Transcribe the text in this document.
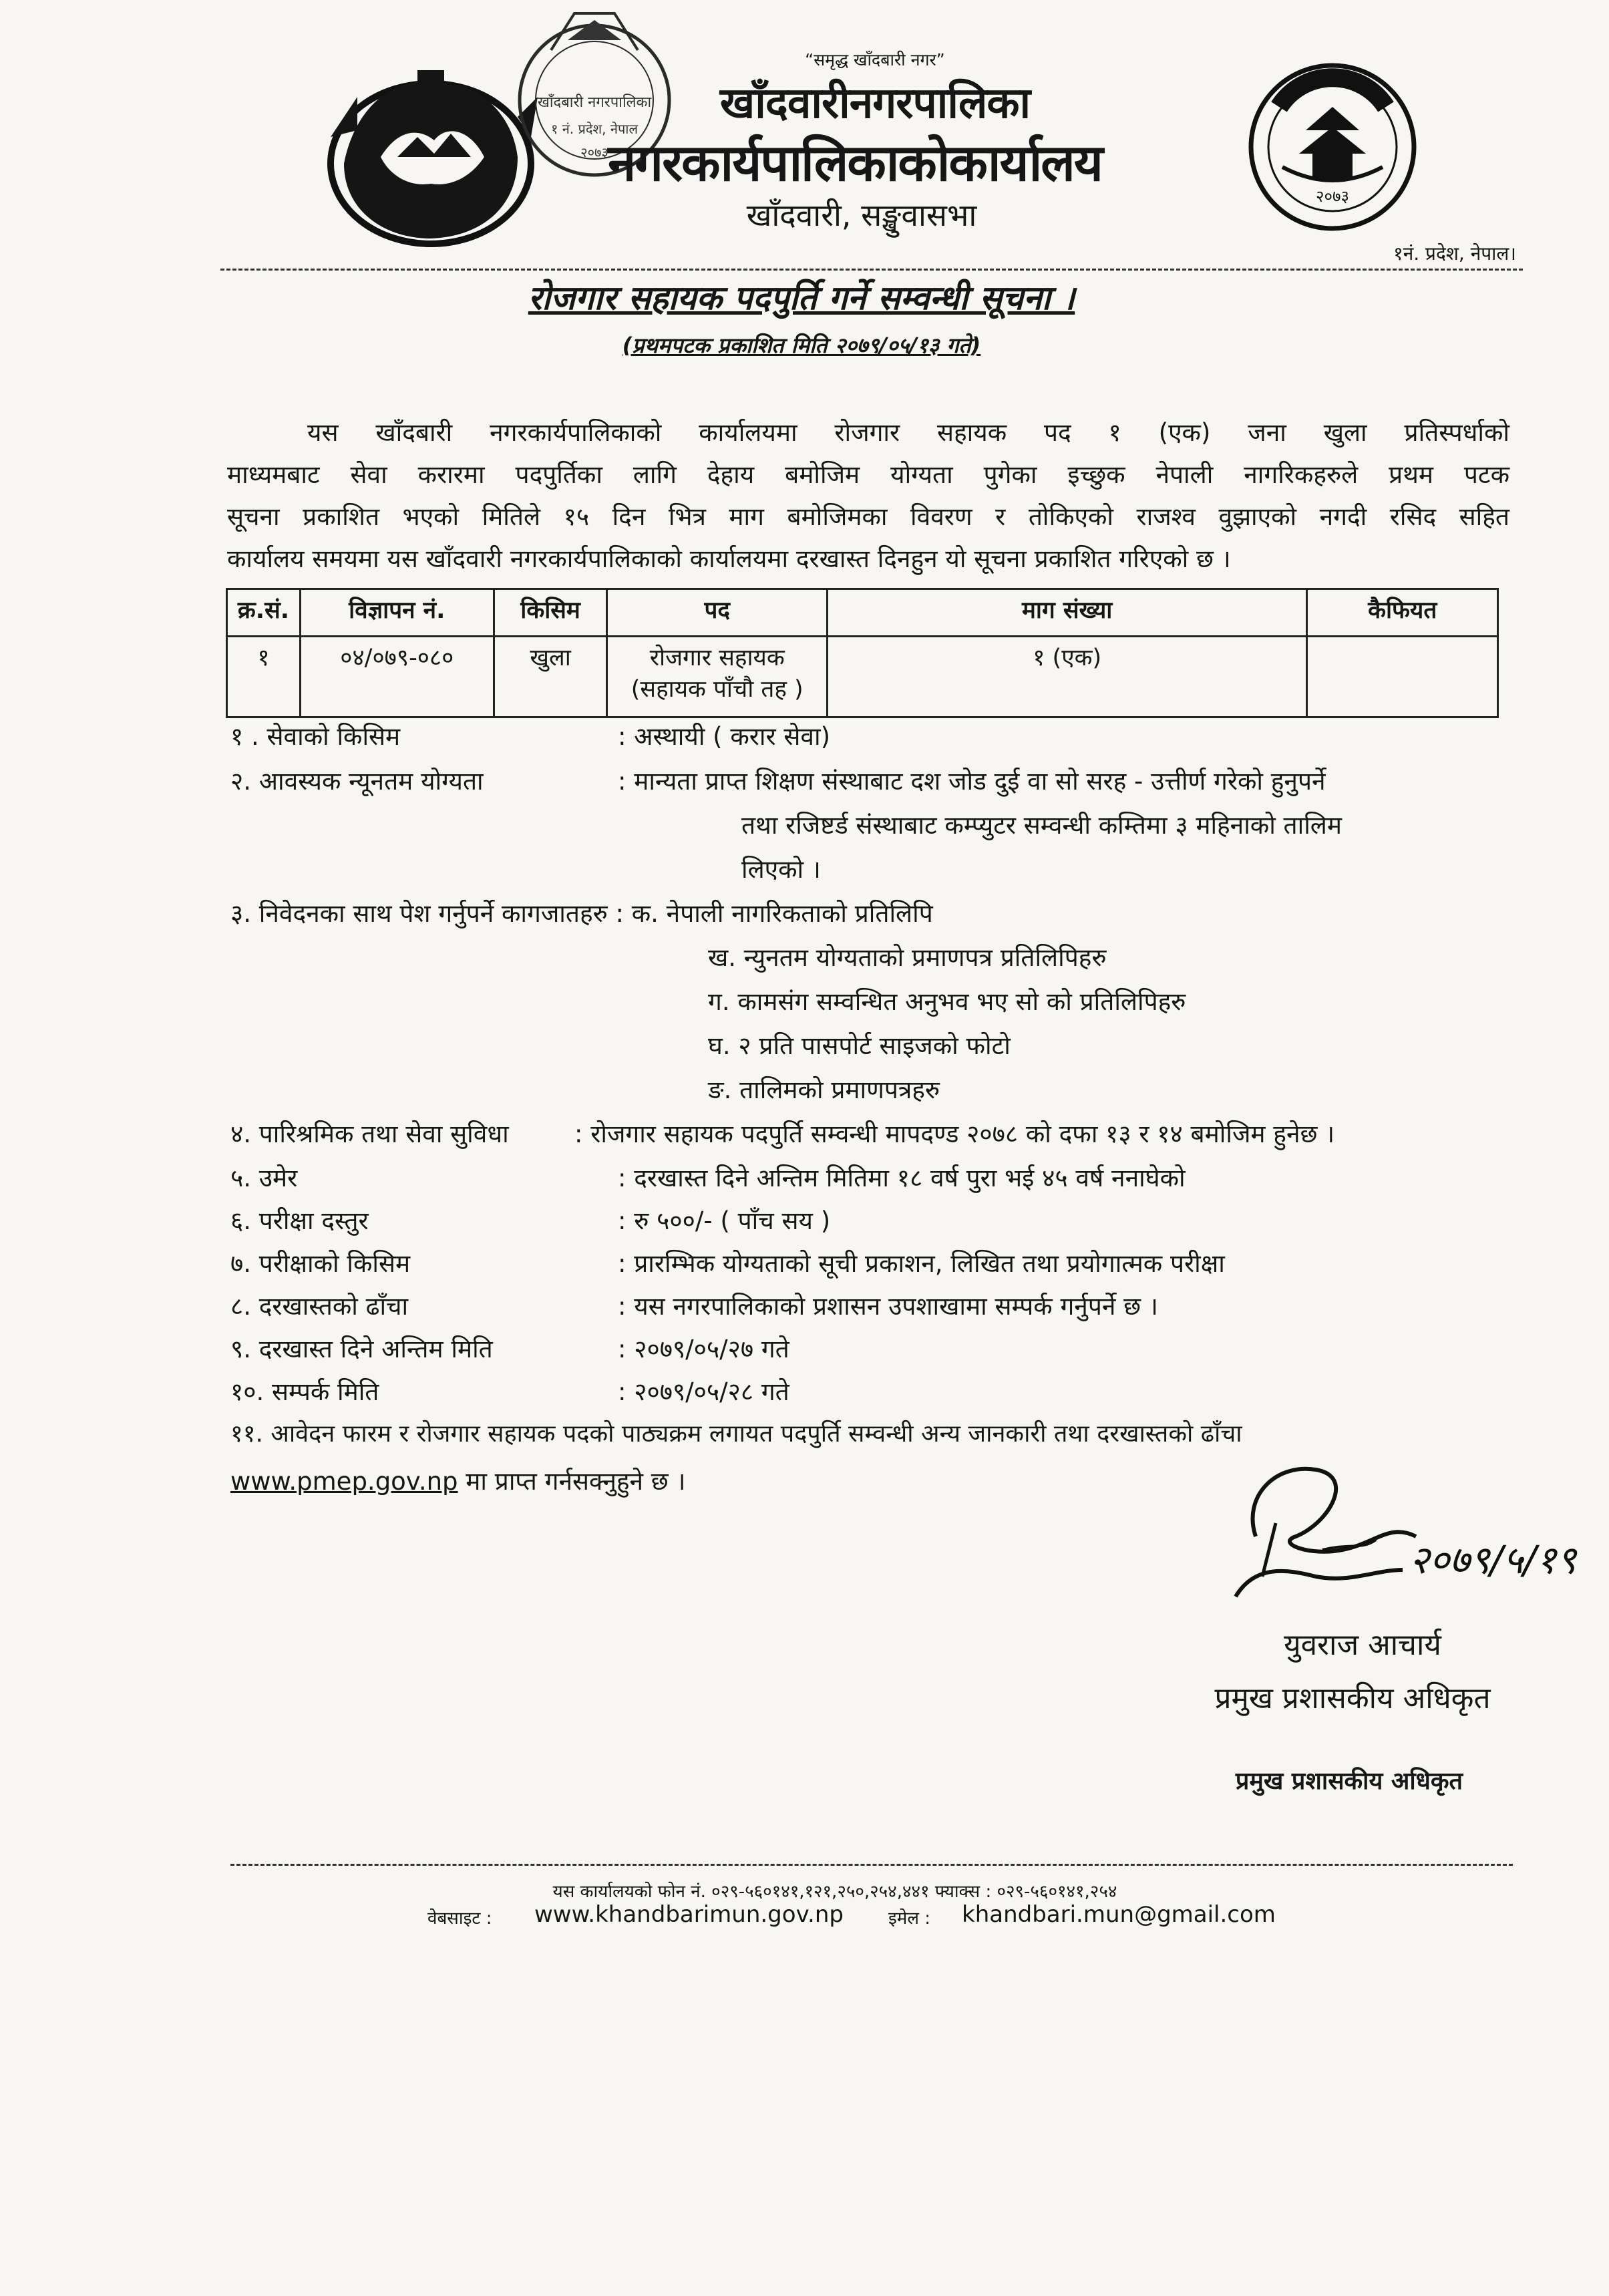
खाँदबारी नगरपालिका
१ नं. प्रदेश, नेपाल
२०७३
२०७३
“समृद्ध खाँदबारी नगर”
खाँदवारीनगरपालिका
नगरकार्यपालिकाकोकार्यालय
खाँदवारी, सङ्खुवासभा
१नं. प्रदेश, नेपाल।
रोजगार सहायक पदपुर्ति गर्ने सम्वन्धी सूचना ।
(प्रथमपटक प्रकाशित मिति २०७९/०५/१३ गते)
यस खाँदबारी नगरकार्यपालिकाको कार्यालयमा रोजगार सहायक पद १ (एक) जना खुला प्रतिस्पर्धाको
माध्यमबाट सेवा करारमा पदपुर्तिका लागि देहाय बमोजिम योग्यता पुगेका इच्छुक नेपाली नागरिकहरुले प्रथम पटक
सूचना प्रकाशित भएको मितिले १५ दिन भित्र माग बमोजिमका विवरण र तोकिएको राजश्व वुझाएको नगदी रसिद सहित
कार्यालय समयमा यस खाँदवारी नगरकार्यपालिकाको कार्यालयमा दरखास्त दिनहुन यो सूचना प्रकाशित गरिएको छ ।
क्र.सं.	विज्ञापन नं.	किसिम	पद	माग संख्या	कैफियत
१	०४/०७९-०८०	खुला	रोजगार सहायक
(सहायक पाँचौ तह )	१ (एक)	
१ . सेवाको किसिम	: अस्थायी ( करार सेवा)
२. आवस्यक न्यूनतम योग्यता	: मान्यता प्राप्त शिक्षण संस्थाबाट दश जोड दुई वा सो सरह - उत्तीर्ण गरेको हुनुपर्ने
तथा रजिष्टर्ड संस्थाबाट कम्प्युटर सम्वन्धी कम्तिमा ३ महिनाको तालिम
लिएको ।
३. निवेदनका साथ पेश गर्नुपर्ने कागजातहरु : क. नेपाली नागरिकताको प्रतिलिपि
ख. न्युनतम योग्यताको प्रमाणपत्र प्रतिलिपिहरु
ग. कामसंग सम्वन्धित अनुभव भए सो को प्रतिलिपिहरु
घ. २ प्रति पासपोर्ट साइजको फोटो
ङ. तालिमको प्रमाणपत्रहरु
४. पारिश्रमिक तथा सेवा सुविधा	: रोजगार सहायक पदपुर्ति सम्वन्धी मापदण्ड २०७८ को दफा १३ र १४ बमोजिम हुनेछ ।
५. उमेर	: दरखास्त दिने अन्तिम मितिमा १८ वर्ष पुरा भई ४५ वर्ष ननाघेको
६. परीक्षा दस्तुर	: रु ५००/- ( पाँच सय )
७. परीक्षाको किसिम	: प्रारम्भिक योग्यताको सूची प्रकाशन, लिखित तथा प्रयोगात्मक परीक्षा
८. दरखास्तको ढाँचा	: यस नगरपालिकाको प्रशासन उपशाखामा सम्पर्क गर्नुपर्ने छ ।
९. दरखास्त दिने अन्तिम मिति	: २०७९/०५/२७ गते
१०. सम्पर्क मिति	: २०७९/०५/२८ गते
११. आवेदन फारम र रोजगार सहायक पदको पाठ्यक्रम लगायत पदपुर्ति सम्वन्धी अन्य जानकारी तथा दरखास्तको ढाँचा
www.pmep.gov.np मा प्राप्त गर्नसक्नुहुने छ ।
२०७९/५/१९
युवराज आचार्य
प्रमुख प्रशासकीय अधिकृत
प्रमुख प्रशासकीय अधिकृत
यस कार्यालयको फोन नं. ०२९-५६०१४१,१२१,२५०,२५४,४४१ फ्याक्स : ०२९-५६०१४१,२५४
वेबसाइट : www.khandbarimun.gov.np	इमेल : khandbari.mun@gmail.com
